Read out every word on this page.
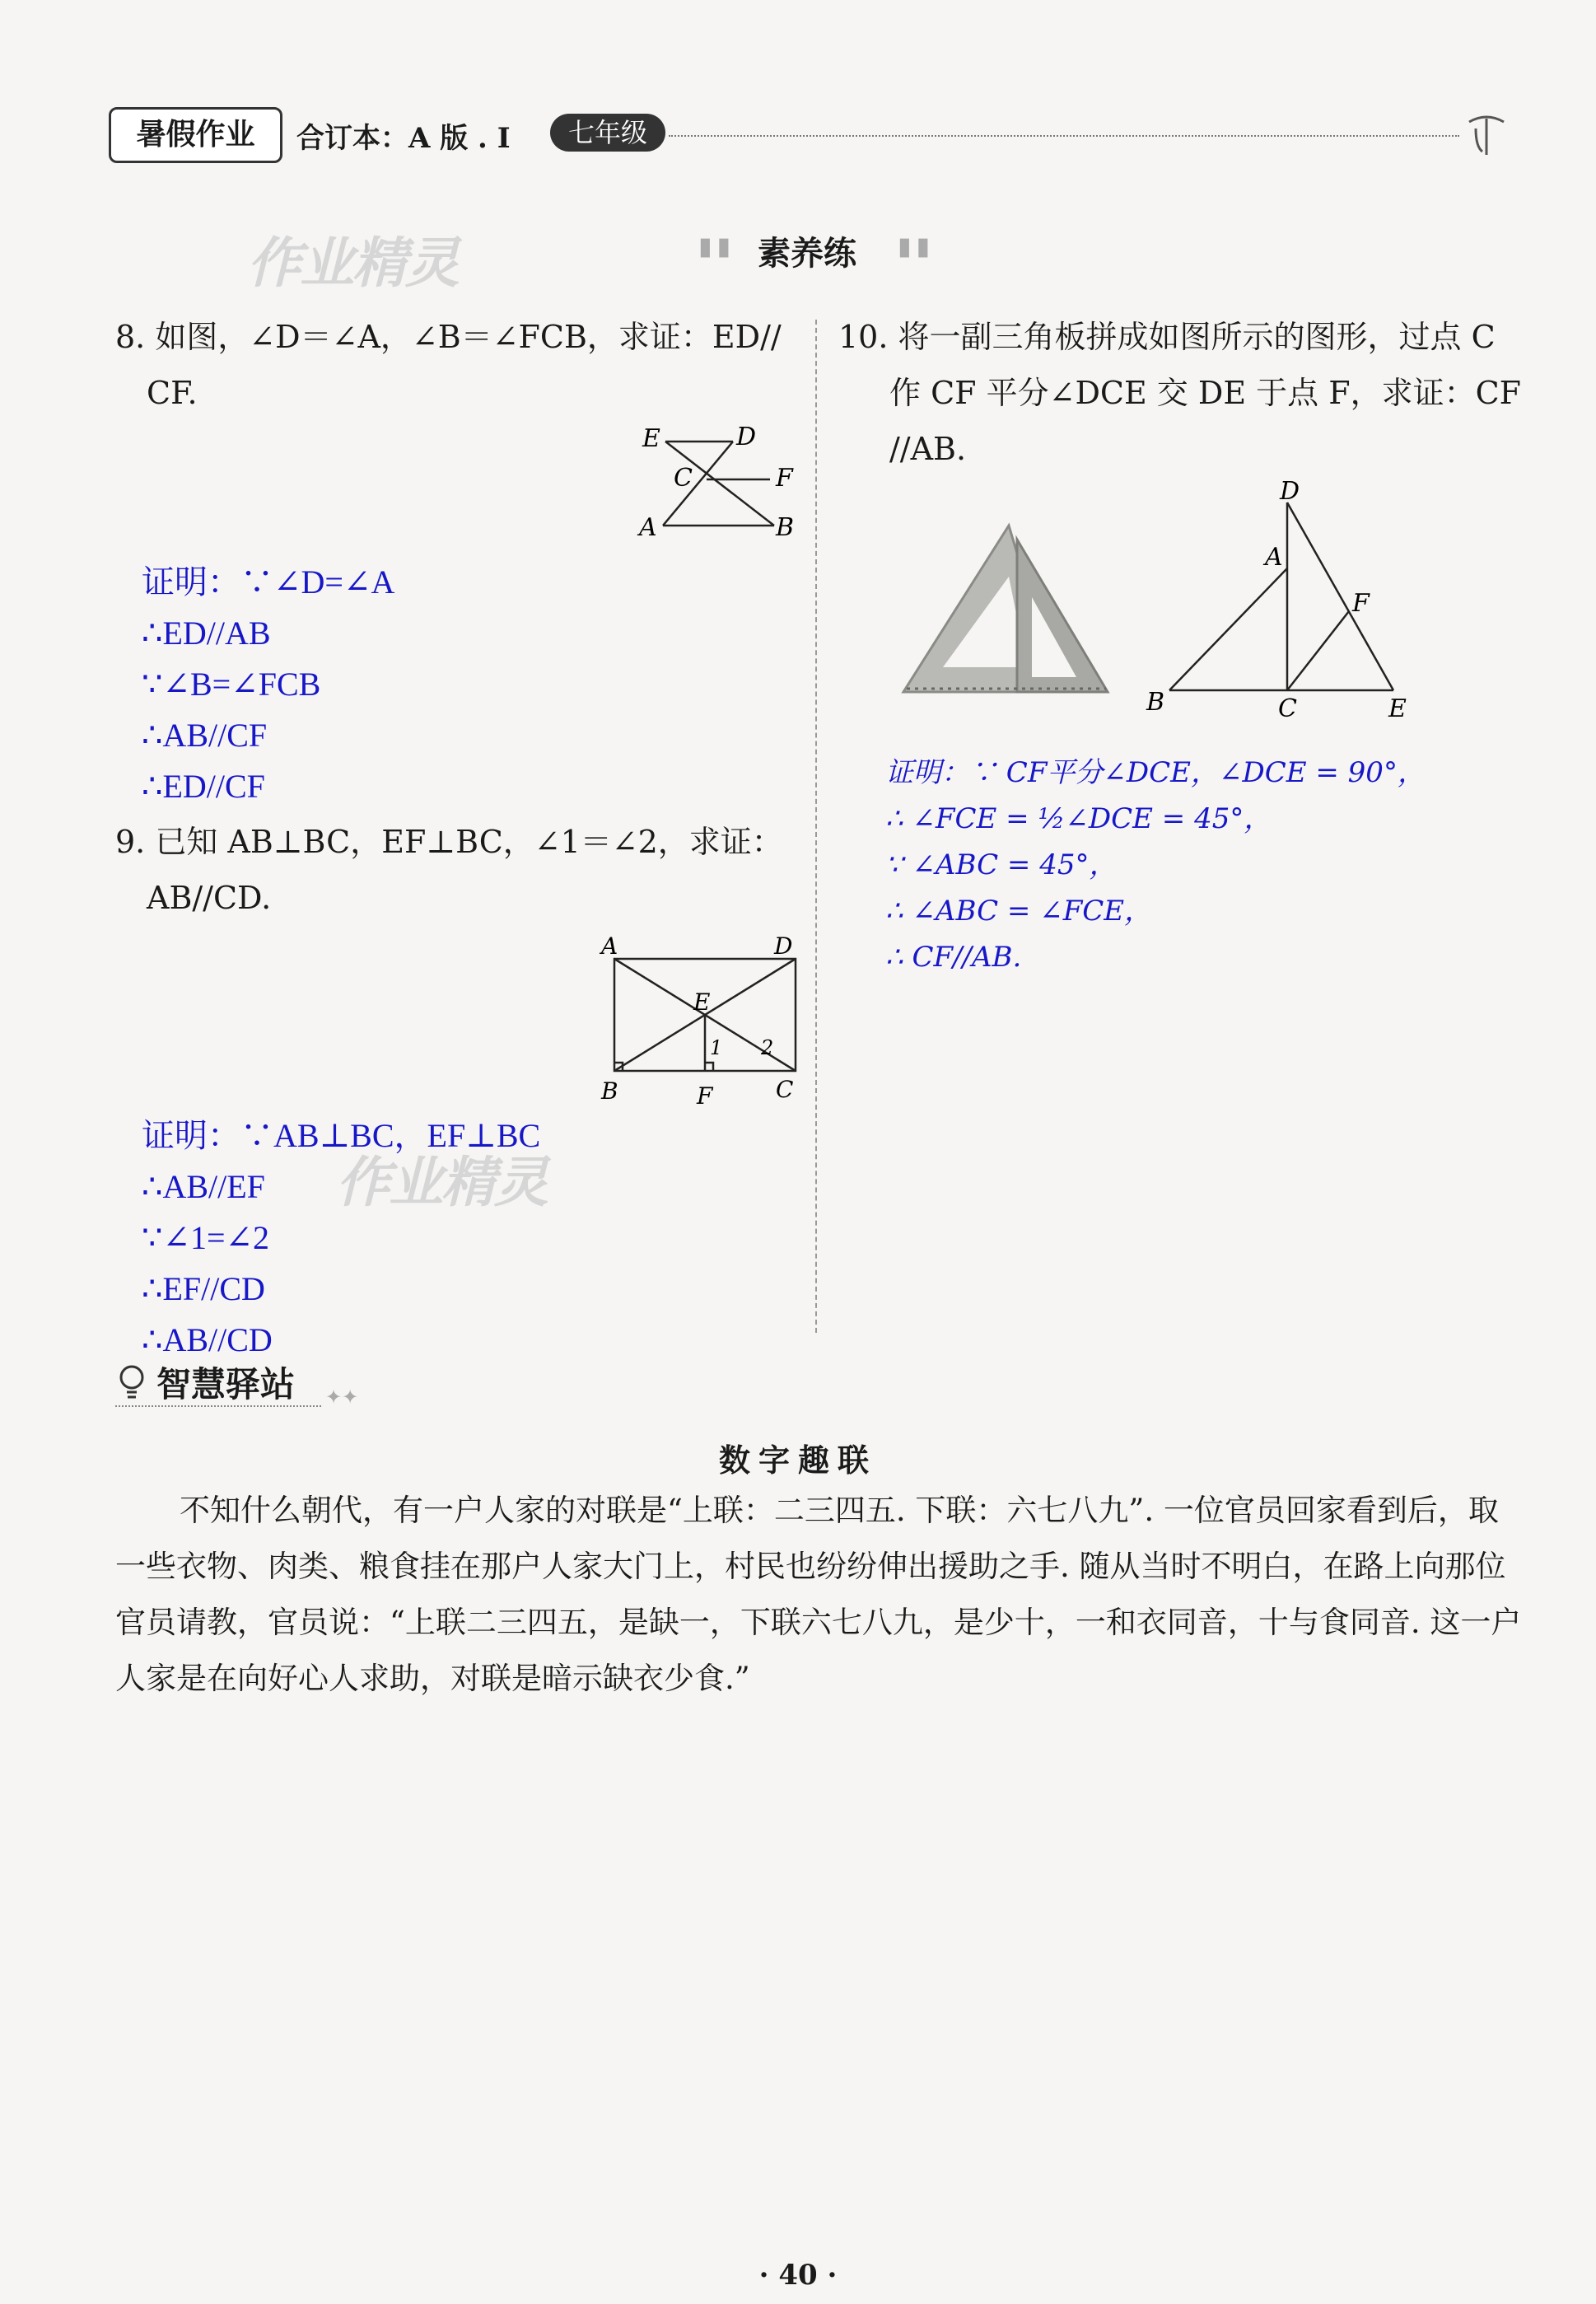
暑假作业	合订本：A 版 . I	七年级
作业精灵	▮▮ 素养练 ▮▮
8. 如图，∠D＝∠A，∠B＝∠FCB，求证：ED//
CF.
E	D
C	F
A	B
证明：∵∠D=∠A
∴ED//AB
∵∠B=∠FCB
∴AB//CF
∴ED//CF
9. 已知 AB⊥BC，EF⊥BC，∠1＝∠2，求证：
AB//CD.
A	D
E
B	F	C
1 2
证明：∵AB⊥BC，EF⊥BC
∴AB//EF
∵∠1=∠2
∴EF//CD
∴AB//CD
作业精灵
10. 将一副三角板拼成如图所示的图形，过点 C
作 CF 平分∠DCE 交 DE 于点 F，求证：CF
//AB.
D
A
F
B	C	E
证明：∵ CF平分∠DCE，∠DCE = 90°，
∴ ∠FCE = ½∠DCE = 45°，
∵ ∠ABC = 45°，
∴ ∠ABC = ∠FCE，
∴ CF//AB.
智慧驿站 ✦✦
数字趣联
不知什么朝代，有一户人家的对联是“上联：二三四五. 下联：六七八九”. 一位官员回家看到后，取一些衣物、肉类、粮食挂在那户人家大门上，村民也纷纷伸出援助之手. 随从当时不明白，在路上向那位官员请教，官员说：“上联二三四五，是缺一，下联六七八九，是少十，一和衣同音，十与食同音. 这一户人家是在向好心人求助，对联是暗示缺衣少食.”
· 40 ·
